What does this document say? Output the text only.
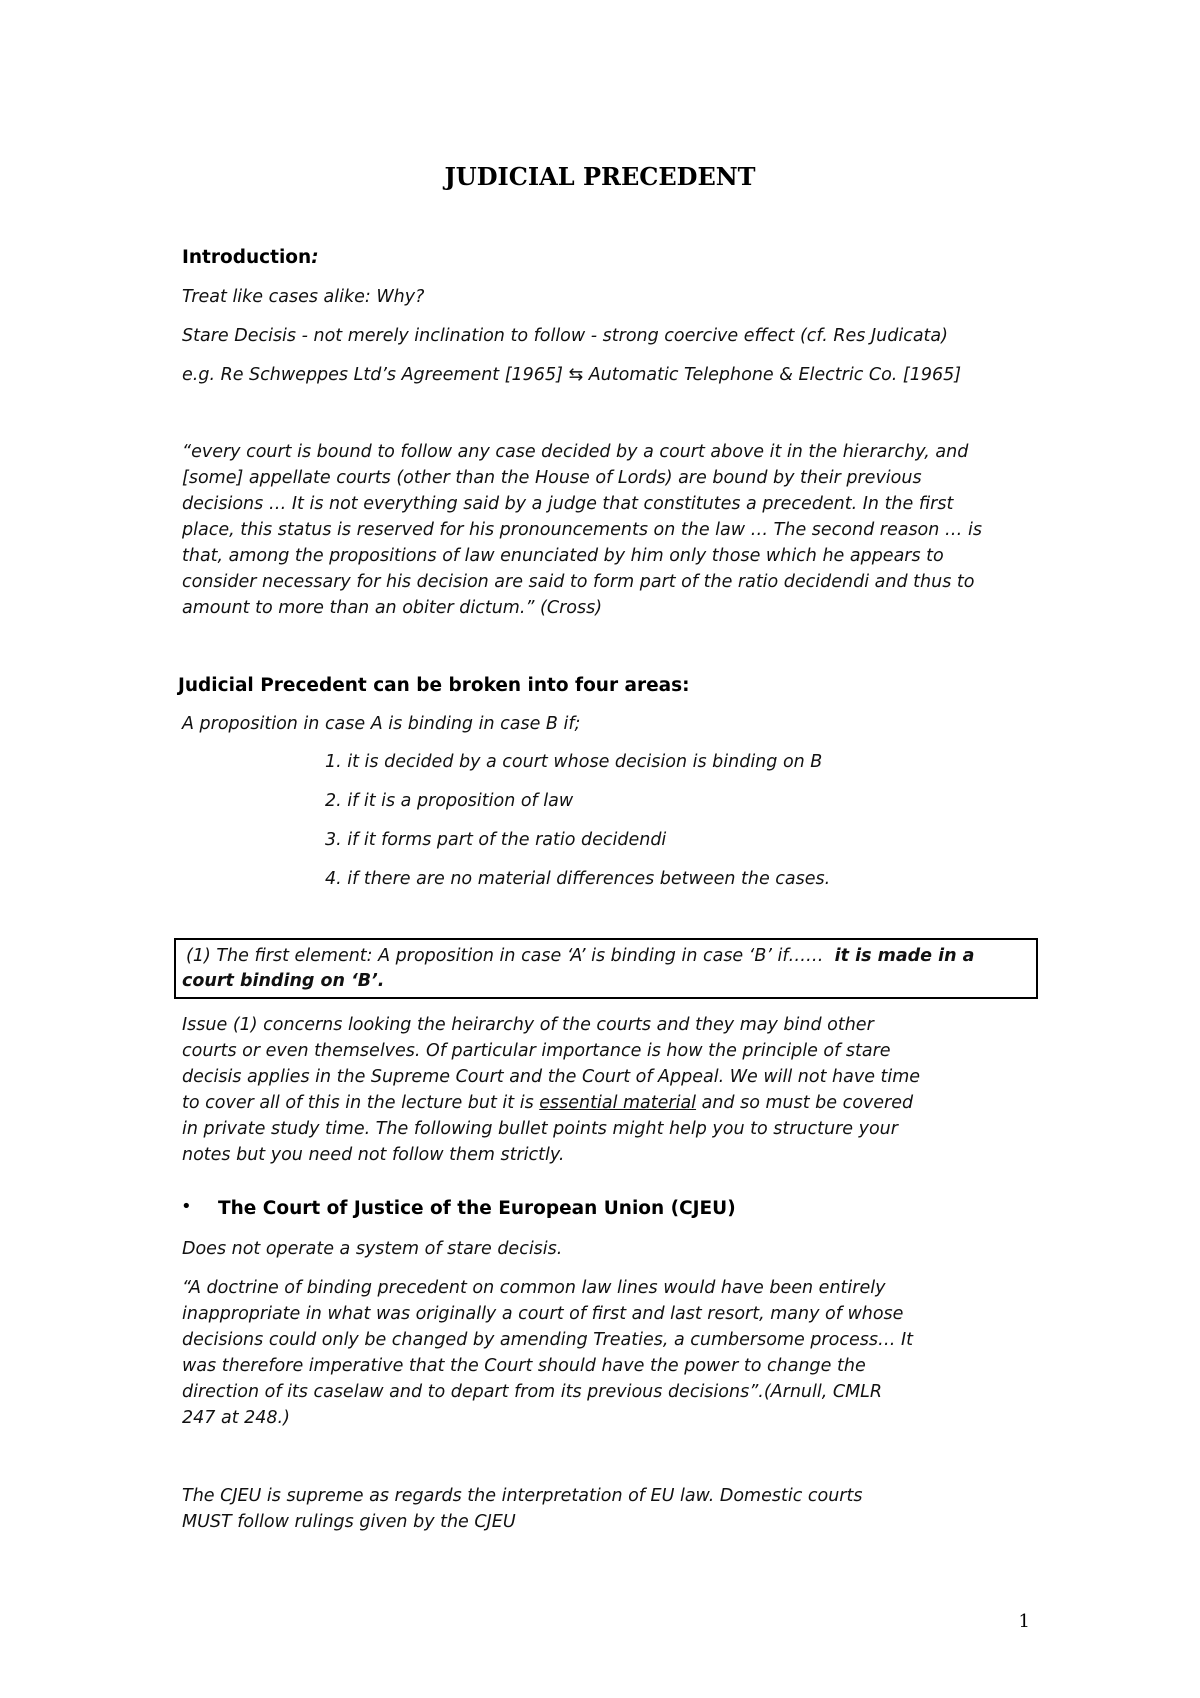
JUDICIAL PRECEDENT
Introduction:
Treat like cases alike: Why?
Stare Decisis - not merely inclination to follow - strong coercive effect (cf. Res Judicata)
e.g. Re Schweppes Ltd’s Agreement [1965] ⇆ Automatic Telephone & Electric Co. [1965]
“every court is bound to follow any case decided by a court above it in the hierarchy, and
[some] appellate courts (other than the House of Lords) are bound by their previous
decisions … It is not everything said by a judge that constitutes a precedent. In the first
place, this status is reserved for his pronouncements on the law … The second reason … is
that, among the propositions of law enunciated by him only those which he appears to
consider necessary for his decision are said to form part of the ratio decidendi and thus to
amount to more than an obiter dictum.” (Cross)
Judicial Precedent can be broken into four areas:
A proposition in case A is binding in case B if;
1. it is decided by a court whose decision is binding on B
2. if it is a proposition of law
3. if it forms part of the ratio decidendi
4. if there are no material differences between the cases.
(1) The first element: A proposition in case ‘A’ is binding in case ‘B’ if…… it is made in a
court binding on ‘B’.
Issue (1) concerns looking the heirarchy of the courts and they may bind other
courts or even themselves. Of particular importance is how the principle of stare
decisis applies in the Supreme Court and the Court of Appeal. We will not have time
to cover all of this in the lecture but it is essential material and so must be covered
in private study time. The following bullet points might help you to structure your
notes but you need not follow them strictly.
• The Court of Justice of the European Union (CJEU)
Does not operate a system of stare decisis.
“A doctrine of binding precedent on common law lines would have been entirely
inappropriate in what was originally a court of first and last resort, many of whose
decisions could only be changed by amending Treaties, a cumbersome process… It
was therefore imperative that the Court should have the power to change the
direction of its caselaw and to depart from its previous decisions”.(Arnull, CMLR
247 at 248.)
The CJEU is supreme as regards the interpretation of EU law. Domestic courts
MUST follow rulings given by the CJEU
1
